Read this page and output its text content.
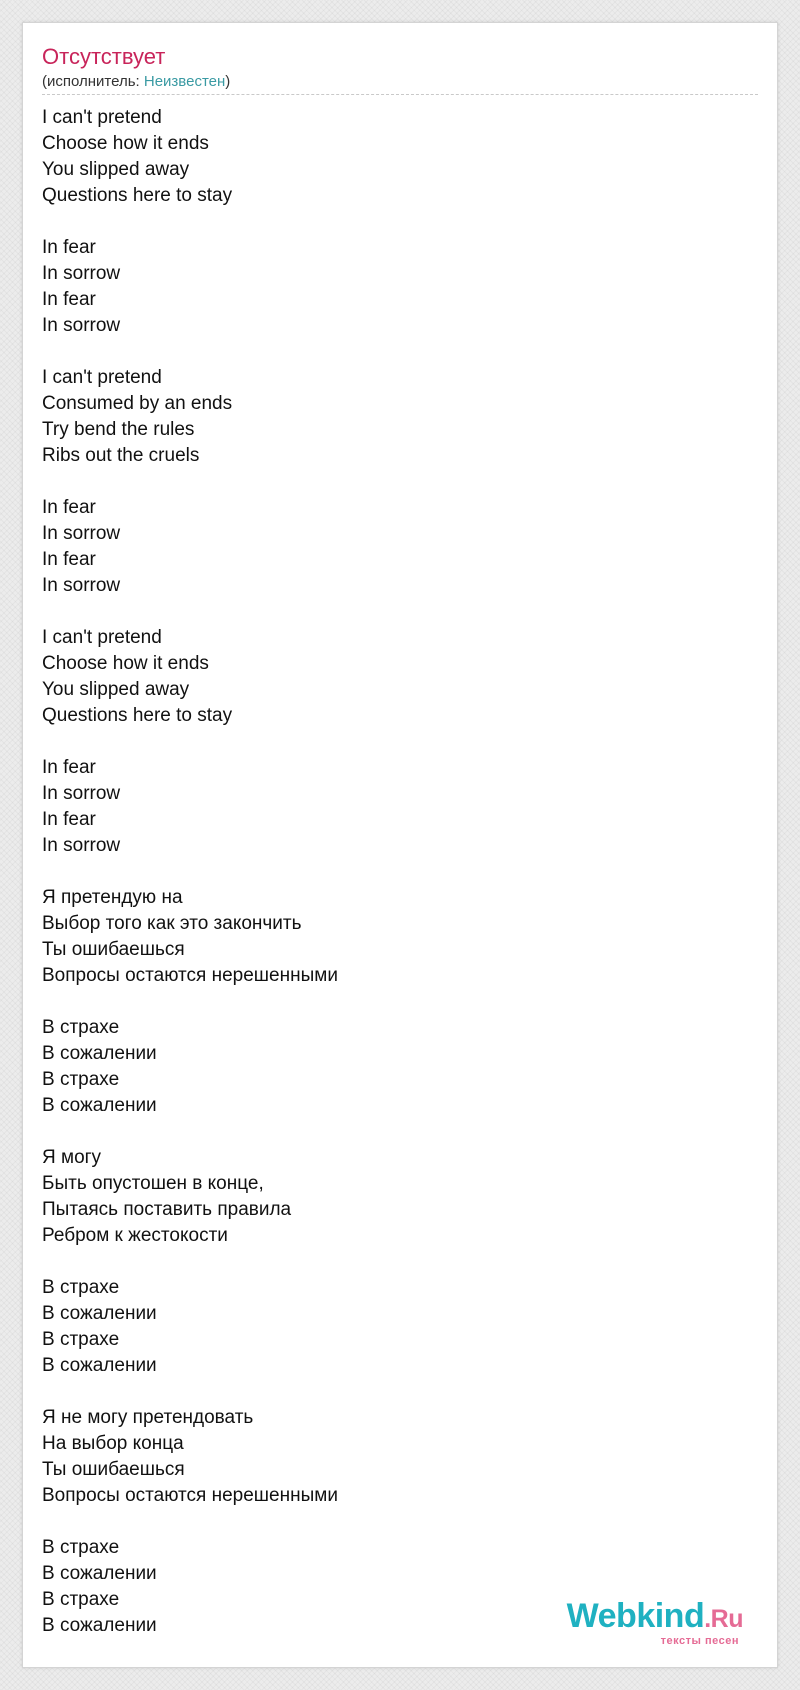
Отсутствует
(исполнитель: Неизвестен)
I can't pretend
Choose how it ends
You slipped away
Questions here to stay
In fear
In sorrow
In fear
In sorrow
I can't pretend
Consumed by an ends
Try bend the rules
Ribs out the cruels
In fear
In sorrow
In fear
In sorrow
I can't pretend
Choose how it ends
You slipped away
Questions here to stay
In fear
In sorrow
In fear
In sorrow
Я претендую на
Выбор того как это закончить
Ты ошибаешься
Вопросы остаются нерешенными
В страхе
В сожалении
В страхе
В сожалении
Я могу
Быть опустошен в конце,
Пытаясь поставить правила
Ребром к жестокости
В страхе
В сожалении
В страхе
В сожалении
Я не могу претендовать
На выбор конца
Ты ошибаешься
Вопросы остаются нерешенными
В страхе
В сожалении
В страхе
В сожалении	Webkind.Ru
тексты песен
